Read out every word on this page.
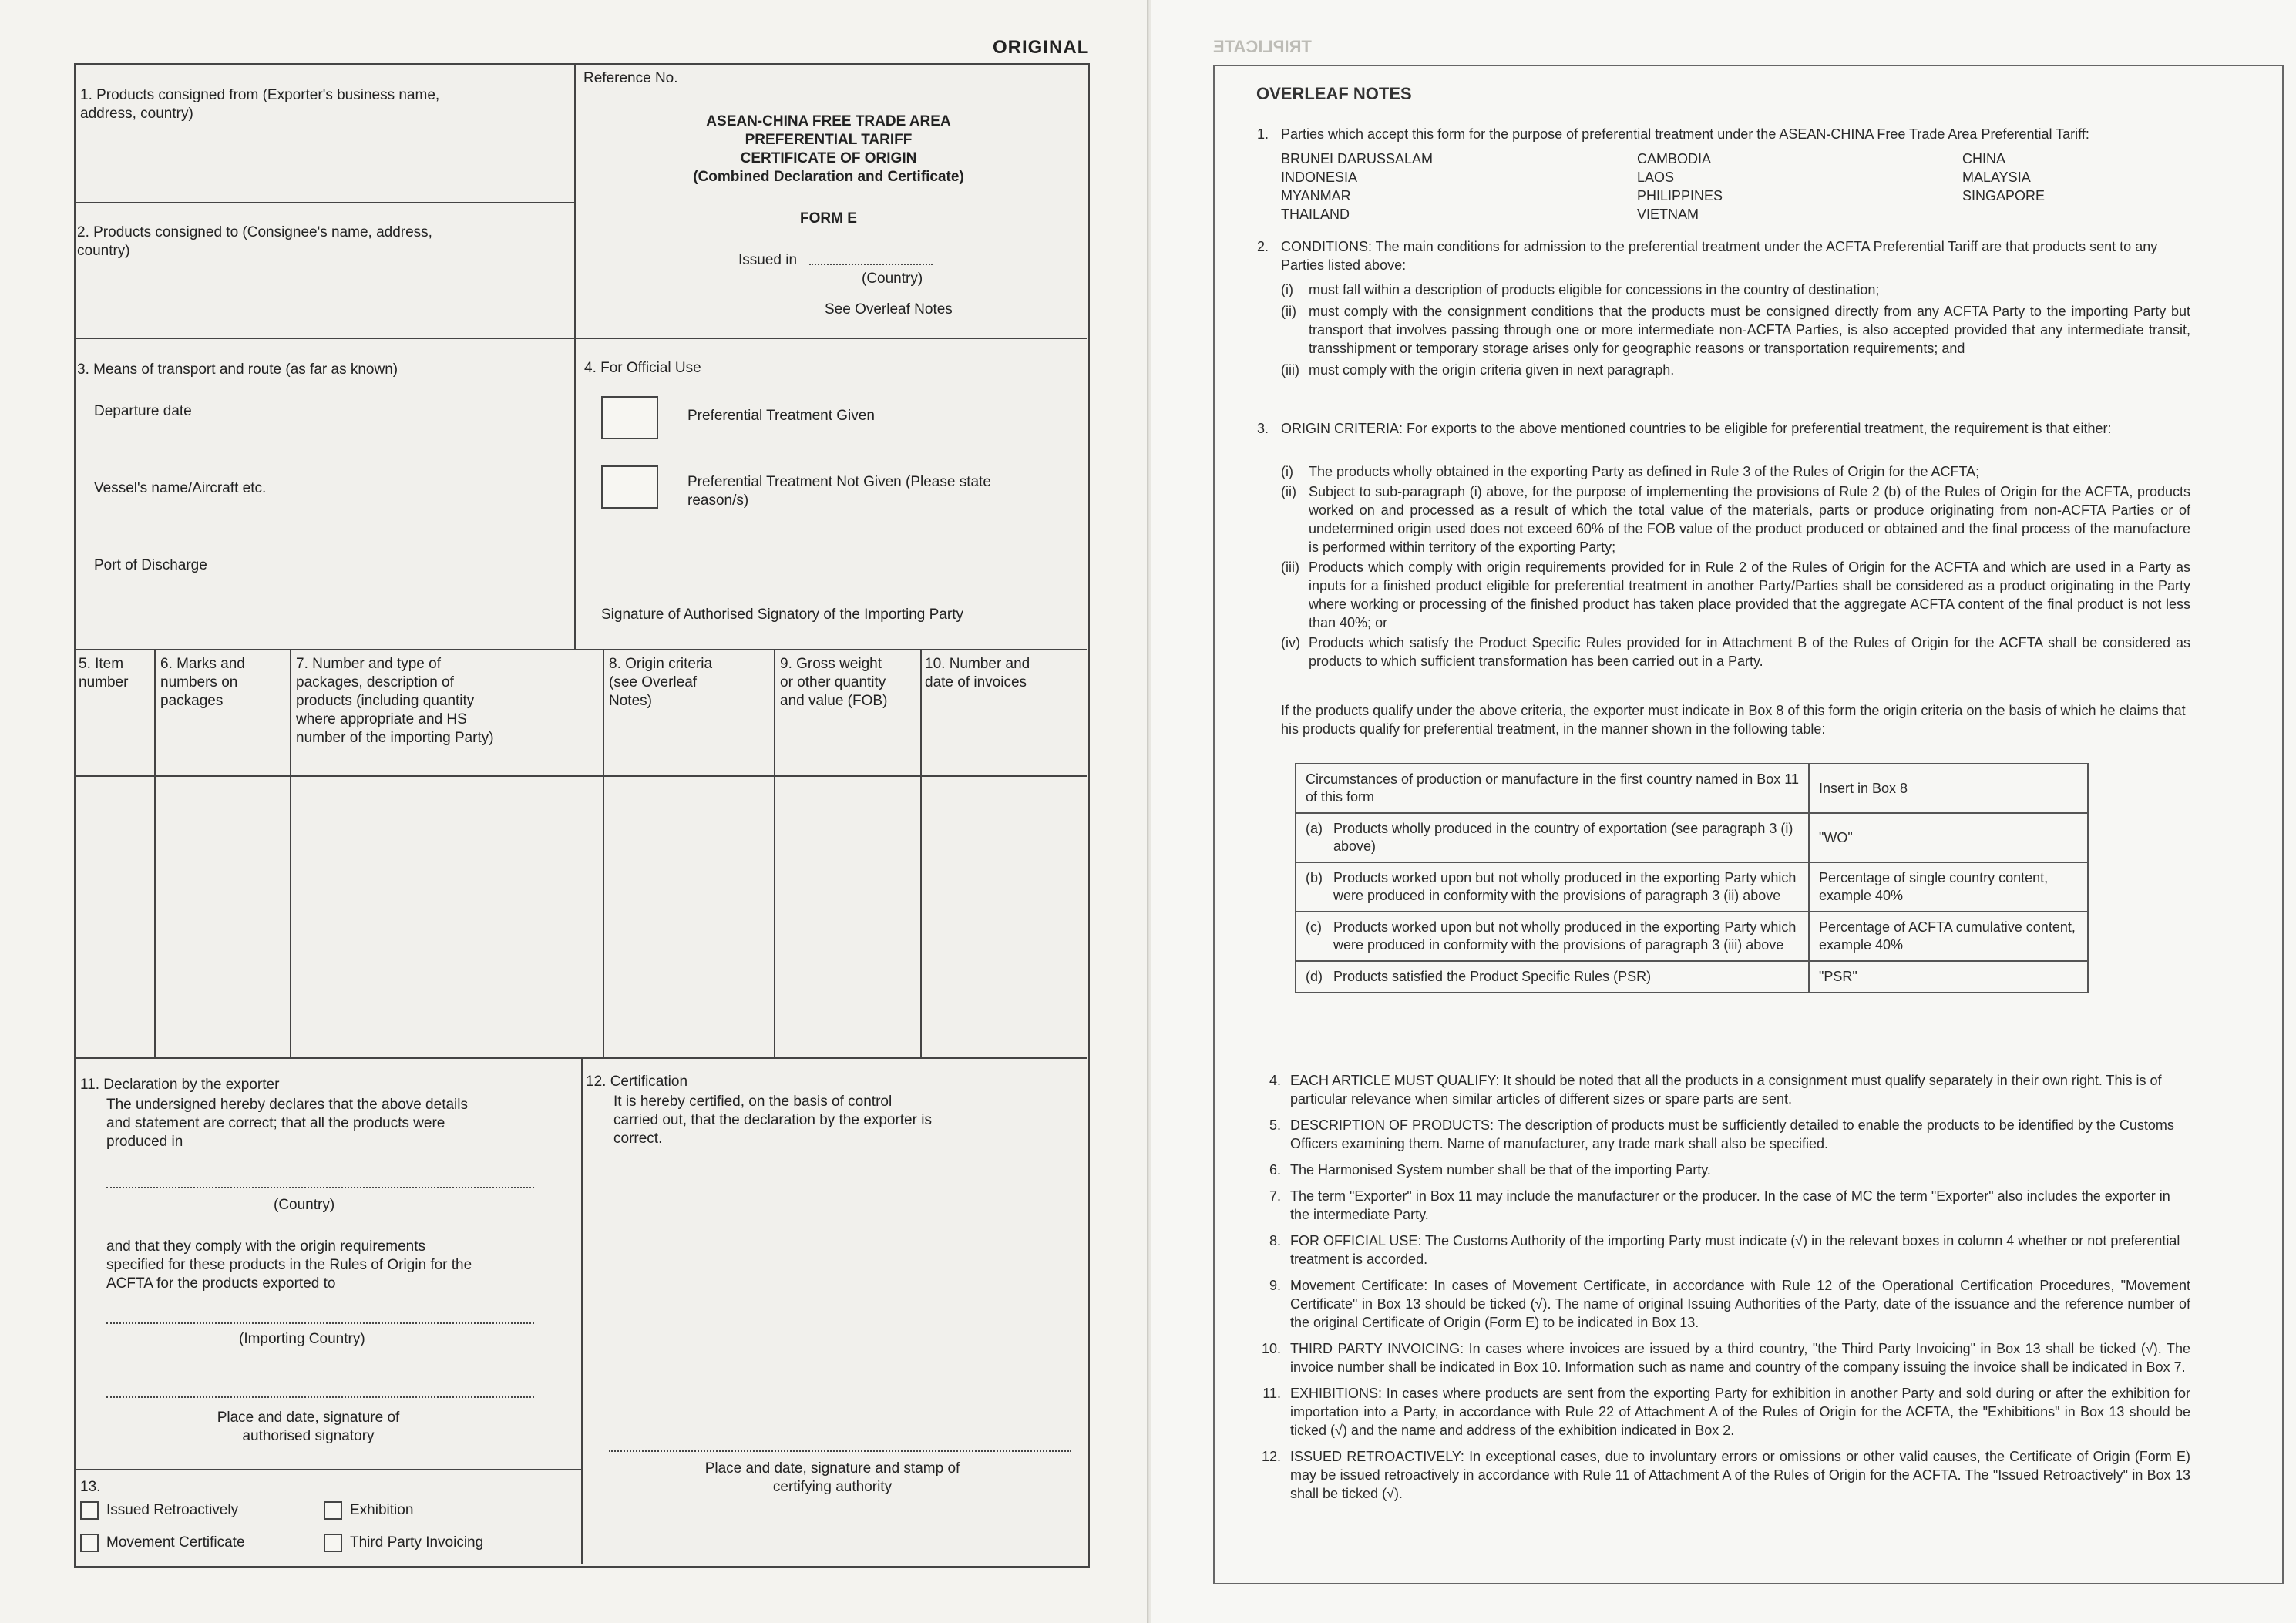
ORIGINAL
1. Products consigned from (Exporter's business name, address, country)
Reference No.
ASEAN-CHINA FREE TRADE AREA
PREFERENTIAL TARIFF
CERTIFICATE OF ORIGIN
(Combined Declaration and Certificate)
FORM E
Issued in
(Country)
See Overleaf Notes
2. Products consigned to (Consignee's name, address, country)
3. Means of transport and route (as far as known)
Departure date
Vessel's name/Aircraft etc.
Port of Discharge
4. For Official Use
Preferential Treatment Given
Preferential Treatment Not Given (Please state reason/s)
Signature of Authorised Signatory of the Importing Party
5. Item number
6. Marks and numbers on packages
7. Number and type of packages, description of products (including quantity where appropriate and HS number of the importing Party)
8. Origin criteria (see Overleaf Notes)
9. Gross weight or other quantity and value (FOB)
10. Number and date of invoices
11. Declaration by the exporter
The undersigned hereby declares that the above details and statement are correct; that all the products were produced in
(Country)
and that they comply with the origin requirements specified for these products in the Rules of Origin for the ACFTA for the products exported to
(Importing Country)
Place and date, signature of authorised signatory
12. Certification
It is hereby certified, on the basis of control carried out, that the declaration by the exporter is correct.
Place and date, signature and stamp of certifying authority
13.
Issued Retroactively	Exhibition
Movement Certificate	Third Party Invoicing
TRIPLICATE
OVERLEAF NOTES
1. Parties which accept this form for the purpose of preferential treatment under the ASEAN-CHINA Free Trade Area Preferential Tariff:
BRUNEI DARUSSALAM	CAMBODIA	CHINA
INDONESIA	LAOS	MALAYSIA
MYANMAR	PHILIPPINES	SINGAPORE
THAILAND	VIETNAM
2. CONDITIONS: The main conditions for admission to the preferential treatment under the ACFTA Preferential Tariff are that products sent to any Parties listed above:
(i)	must fall within a description of products eligible for concessions in the country of destination;
(ii) must comply with the consignment conditions that the products must be consigned directly from any ACFTA Party to the importing Party but transport that involves passing through one or more intermediate non-ACFTA Parties, is also accepted provided that any intermediate transit, transshipment or temporary storage arises only for geographic reasons or transportation requirements; and
(iii) must comply with the origin criteria given in next paragraph.
3. ORIGIN CRITERIA: For exports to the above mentioned countries to be eligible for preferential treatment, the requirement is that either:
(i)	The products wholly obtained in the exporting Party as defined in Rule 3 of the Rules of Origin for the ACFTA;
(ii) Subject to sub-paragraph (i) above, for the purpose of implementing the provisions of Rule 2 (b) of the Rules of Origin for the ACFTA, products worked on and processed as a result of which the total value of the materials, parts or produce originating from non-ACFTA Parties or of undetermined origin used does not exceed 60% of the FOB value of the product produced or obtained and the final process of the manufacture is performed within territory of the exporting Party;
(iii) Products which comply with origin requirements provided for in Rule 2 of the Rules of Origin for the ACFTA and which are used in a Party as inputs for a finished product eligible for preferential treatment in another Party/Parties shall be considered as a product originating in the Party where working or processing of the finished product has taken place provided that the aggregate ACFTA content of the final product is not less than 40%; or
(iv) Products which satisfy the Product Specific Rules provided for in Attachment B of the Rules of Origin for the ACFTA shall be considered as products to which sufficient transformation has been carried out in a Party.
If the products qualify under the above criteria, the exporter must indicate in Box 8 of this form the origin criteria on the basis of which he claims that his products qualify for preferential treatment, in the manner shown in the following table:
Circumstances of production or manufacture in the first country named in Box 11 of this form	Insert in Box 8

(a) Products wholly produced in the country of exportation (see paragraph 3 (i) above)	"WO"

(b) Products worked upon but not wholly produced in the exporting Party which were produced in conformity with the provisions of paragraph 3 (ii) above	Percentage of single country content, example 40%

(c) Products worked upon but not wholly produced in the exporting Party which were produced in conformity with the provisions of paragraph 3 (iii) above	Percentage of ACFTA cumulative content, example 40%

(d) Products satisfied the Product Specific Rules (PSR)	"PSR"
4. EACH ARTICLE MUST QUALIFY: It should be noted that all the products in a consignment must qualify separately in their own right. This is of particular relevance when similar articles of different sizes or spare parts are sent.
5. DESCRIPTION OF PRODUCTS: The description of products must be sufficiently detailed to enable the products to be identified by the Customs Officers examining them. Name of manufacturer, any trade mark shall also be specified.
6. The Harmonised System number shall be that of the importing Party.
7. The term "Exporter" in Box 11 may include the manufacturer or the producer. In the case of MC the term "Exporter" also includes the exporter in the intermediate Party.
8. FOR OFFICIAL USE: The Customs Authority of the importing Party must indicate (√) in the relevant boxes in column 4 whether or not preferential treatment is accorded.
9. Movement Certificate: In cases of Movement Certificate, in accordance with Rule 12 of the Operational Certification Procedures, "Movement Certificate" in Box 13 should be ticked (√). The name of original Issuing Authorities of the Party, date of the issuance and the reference number of the original Certificate of Origin (Form E) to be indicated in Box 13.
10. THIRD PARTY INVOICING: In cases where invoices are issued by a third country, "the Third Party Invoicing" in Box 13 shall be ticked (√). The invoice number shall be indicated in Box 10. Information such as name and country of the company issuing the invoice shall be indicated in Box 7.
11. EXHIBITIONS: In cases where products are sent from the exporting Party for exhibition in another Party and sold during or after the exhibition for importation into a Party, in accordance with Rule 22 of Attachment A of the Rules of Origin for the ACFTA, the "Exhibitions" in Box 13 should be ticked (√) and the name and address of the exhibition indicated in Box 2.
12. ISSUED RETROACTIVELY: In exceptional cases, due to involuntary errors or omissions or other valid causes, the Certificate of Origin (Form E) may be issued retroactively in accordance with Rule 11 of Attachment A of the Rules of Origin for the ACFTA. The "Issued Retroactively" in Box 13 shall be ticked (√).
